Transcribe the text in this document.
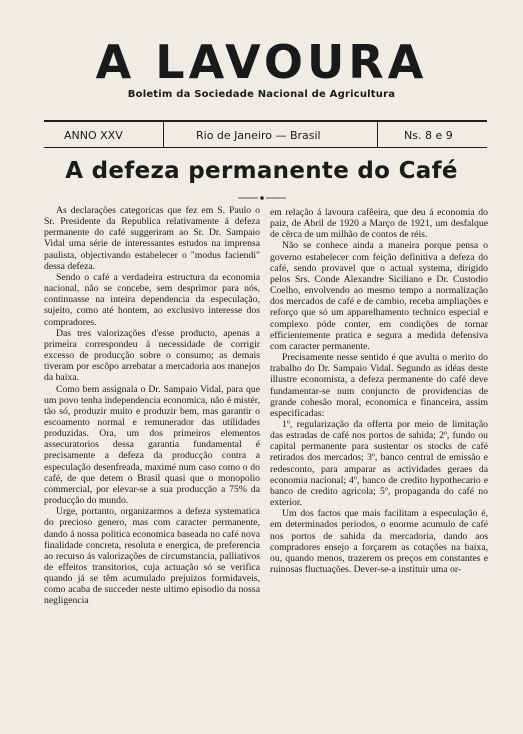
A LAVOURA
Boletim da Sociedade Nacional de Agricultura
ANNO XXV	Rio de Janeiro — Brasil	Ns. 8 e 9
A defeza permanente do Café

As declarações categoricas que fez em S. Paulo o Sr. Presidente da Republica relativamente á defeza permanente do café suggeriram ao Sr. Dr. Sampaio Vidal uma série de interessantes estudos na imprensa paulista, objectivando estabelecer o "modus faciendi" dessa defeza.

Sendo o café a verdadeira estructura da economia nacional, não se concebe, sem desprimor para nós, continuasse na inteira dependencia da especulação, sujeito, como até hontem, ao exclusivo interesse dos compradores.

Das tres valorizações d'esse producto, apenas a primeira correspondeu á necessidade de corrigir excesso de producção sobre o consumo; as demais tiveram por escôpo arrebatar a mercadoria aos manejos da baixa.

Como bem assignala o Dr. Sampaio Vidal, para que um povo tenha independencia economica, não é mistér, tão só, produzir muito e produzir bem, mas garantir o escoamento normal e remunerador das utilidades produzidas. Ora, um dos primeiros elementos assecuratorios dessa garantia fundamental é precisamente a defeza da producção contra a especulação desenfreada, maximé num caso como o do café, de que detem o Brasil quasi que o monopolio commercial, por elevar-se a sua producção a 75% da producção do mundo.

Urge, portanto, organizarmos a defeza systematica do precioso genero, mas com caracter permanente, dando á nossa politica economica baseada no café nova finalidade concreta, resoluta e energica, de preferencia ao recurso ás valorizações de circumstancia, palliativos de effeitos transitorios, cuja actuação só se verifica quando já se têm acumulado prejuizos formidaveis, como acaba de succeder neste ultimo episodio da nossa negligencia

em relação á lavoura cafêeira, que deu á economia do paiz, de Abril de 1920 a Março de 1921, um desfalque de cêrca de um milhão de contos de réis.

Não se conhece ainda a maneira porque pensa o governo estabelecer com feição definitiva a defeza do café, sendo provavel que o actual systema, dirigido pelos Srs. Conde Alexandre Siciliano e Dr. Custodio Coelho, envolvendo ao mesmo tempo a normalização dos mercados de café e de cambio, receba ampliações e reforço que só um apparelhamento technico especial e complexo póde conter, em condições de tornar efficientemente pratica e segura a medida defensiva com caracter permanente.

Precisamente nesse sentido é que avulta o merito do trabalho do Dr. Sampaio Vidal. Segundo as idéas deste illustre economista, a defeza permanente do café deve fundamentar-se num conjuncto de providencias de grande cohesão moral, economica e financeira, assim especificadas:

1º, regularização da offerta por meio de limitação das estradas de café nos portos de sahida; 2º, fundo ou capital permanente para sustentar os stocks de café retirados dos mercados; 3º, banco central de emissão e redesconto, para amparar as actividades geraes da economia nacional; 4º, banco de credito hypothecario e banco de credito agricola; 5º, propaganda do café no exterior.

Um dos factos que mais facilitam a especulação é, em determinados periodos, o enorme acumulo de café nos portos de sahida da mercadoria, dando aos compradores ensejo a forçarem as cotações na baixa, ou, quando menos, trazerem os preços em constantes e ruinosas fluctuações. Dever-se-a instituir uma or-
